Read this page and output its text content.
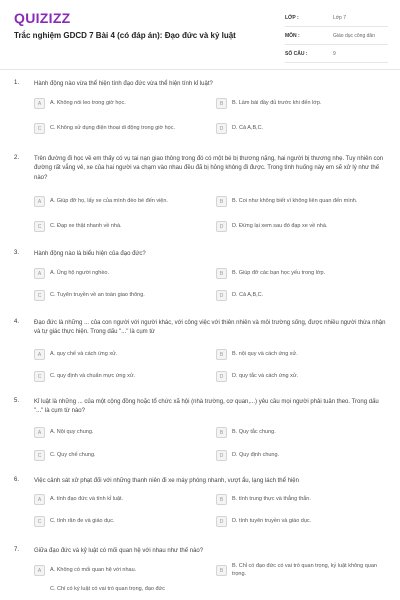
QUIZIZZ
Trắc nghiệm GDCD 7 Bài 4 (có đáp án): Đạo đức và kỷ luật
LỚP :	Lớp 7
MÔN :	Giáo dục công dân
SỐ CÂU :	9
1. Hành động nào vừa thể hiện tính đạo đức vừa thể hiện tính kỉ luật?
A	A. Không nói leo trong giờ học.	B	B. Làm bài đầy đủ trước khi đến lớp.
C	C. Không sử dụng điện thoại di động trong giờ học.	D	D. Cả A,B,C.
2. Trên đường đi học về em thấy có vụ tai nạn giao thông trong đó có một bé bị thương nặng, hai người bị thương nhẹ. Tuy nhiên con đường rất vắng vẻ, xe của hai người va chạm vào nhau đều đã bị hỏng không đi được. Trong tình huống này em sẽ xử lý như thế nào?
A	A. Giúp đỡ họ, lấy xe của mình đèo bé đến viện.	B	B. Coi như không biết vì không liên quan đến mình.
C	C. Đạp xe thật nhanh về nhà.	D	D. Đứng lại xem sau đó đạp xe về nhà.
3. Hành động nào là biểu hiện của đạo đức?
A	A. Ủng hộ người nghèo.	B	B. Giúp đỡ các bạn học yếu trong lớp.
C	C. Tuyên truyền về an toàn giao thông.	D	D. Cả A,B,C.
4. Đạo đức là những ... của con người với người khác, với công việc với thiên nhiên và môi trường sống, được nhiều người thừa nhận và tự giác thực hiện. Trong dấu "..." là cụm từ
A	A. quy chế và cách ứng xử.	B	B. nội quy và cách ứng xử.
C	C. quy định và chuẩn mực ứng xử.	D	D. quy tắc và cách ứng xử.
5. Kỉ luật là những ... của một cộng đồng hoặc tổ chức xã hội (nhà trường, cơ quan,...) yêu cầu mọi người phải tuân theo. Trong dấu "..." là cụm từ nào?
A	A. Nội quy chung.	B	B. Quy tắc chung.
C	C. Quy chế chung.	D	D. Quy định chung.
6. Việc cảnh sát xử phạt đối với những thanh niên đi xe máy phóng nhanh, vượt ẩu, lạng lách thể hiện
A	A. tính đạo đức và tính kỉ luật.	B	B. tính trung thực và thẳng thắn.
C	C. tính răn đe và giáo dục.	D	D. tính tuyên truyền và giáo dục.
7. Giữa đạo đức và kỷ luật có mối quan hệ với nhau như thế nào?
A	A. Không có mối quan hệ với nhau.	B
B. Chỉ có đạo đức có vai trò quan trọng, kỷ luật không quan trọng.
C. Chỉ có kỷ luật có vai trò quan trọng, đạo đức
